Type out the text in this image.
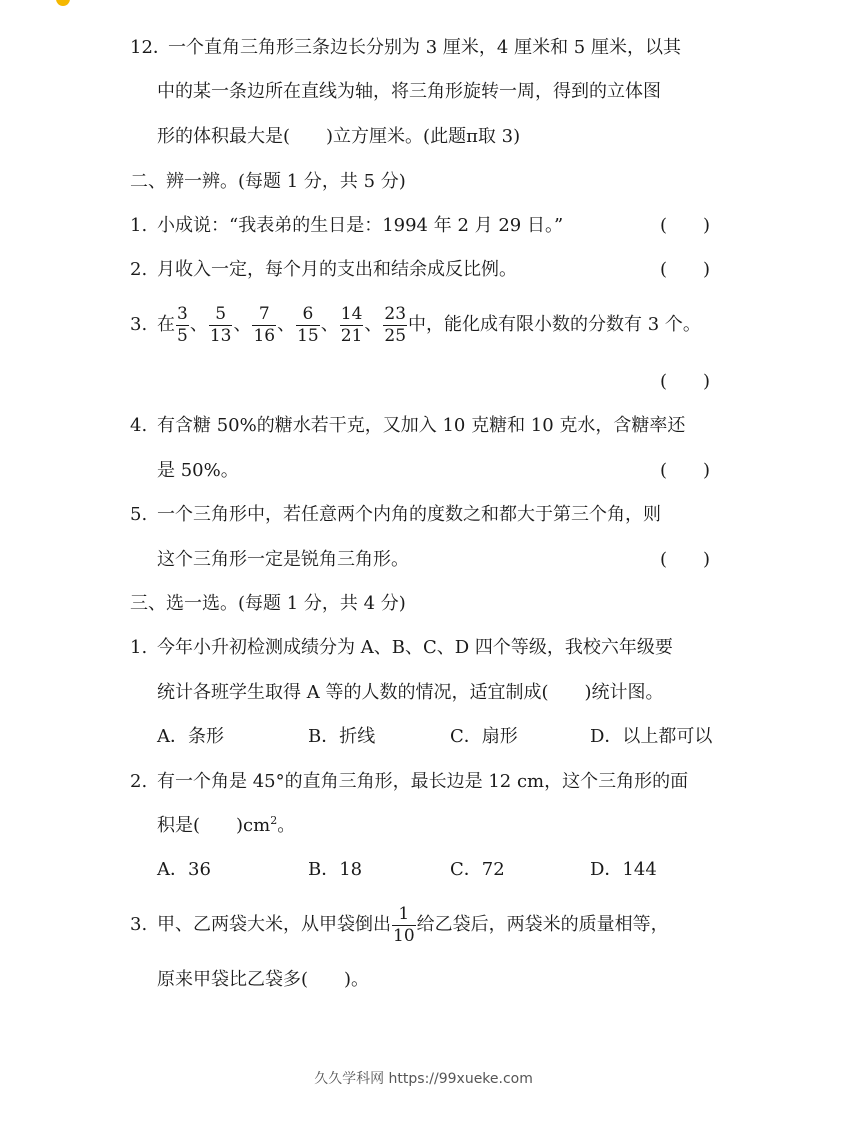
12．
一个直角三角形三条边长分别为 3 厘米，4 厘米和 5 厘米，以其
中的某一条边所在直线为轴，将三角形旋转一周，得到的立体图
形的体积最大是(　　)立方厘米。(此题π取 3)
二、辨一辨。(每题 1 分，共 5 分)
1. 小成说：“我表弟的生日是：1994 年 2 月 29 日。”	(　　)
2. 月收入一定，每个月的支出和结余成反比例。	(　　)
3. 在 $\frac{3}{5}$ 、 $\frac{5}{13}$ 、 $\frac{7}{16}$ 、 $\frac{6}{15}$ 、 $\frac{14}{21}$ 、 $\frac{23}{25}$ 中，能化成有限小数的分数有 3 个。
(　　)
4. 有含糖 50%的糖水若干克，又加入 10 克糖和 10 克水，含糖率还
是 50%。	(　　)
5. 一个三角形中，若任意两个内角的度数之和都大于第三个角，则
这个三角形一定是锐角三角形。	(　　)
三、选一选。(每题 1 分，共 4 分)
1. 今年小升初检测成绩分为 A、B、C、D 四个等级，我校六年级要
统计各班学生取得 A 等的人数的情况，适宜制成(　　)统计图。
A．条形	B．折线	C．扇形	D．以上都可以
2. 有一个角是 45°的直角三角形，最长边是 12 cm，这个三角形的面
积是(　　)$cm^2$。
A．36	B．18	C．72	D．144
3. 甲、乙两袋大米，从甲袋倒出 $\frac{1}{10}$ 给乙袋后，两袋米的质量相等，
原来甲袋比乙袋多(　　)。
久久学科网 https://99xueke.com
